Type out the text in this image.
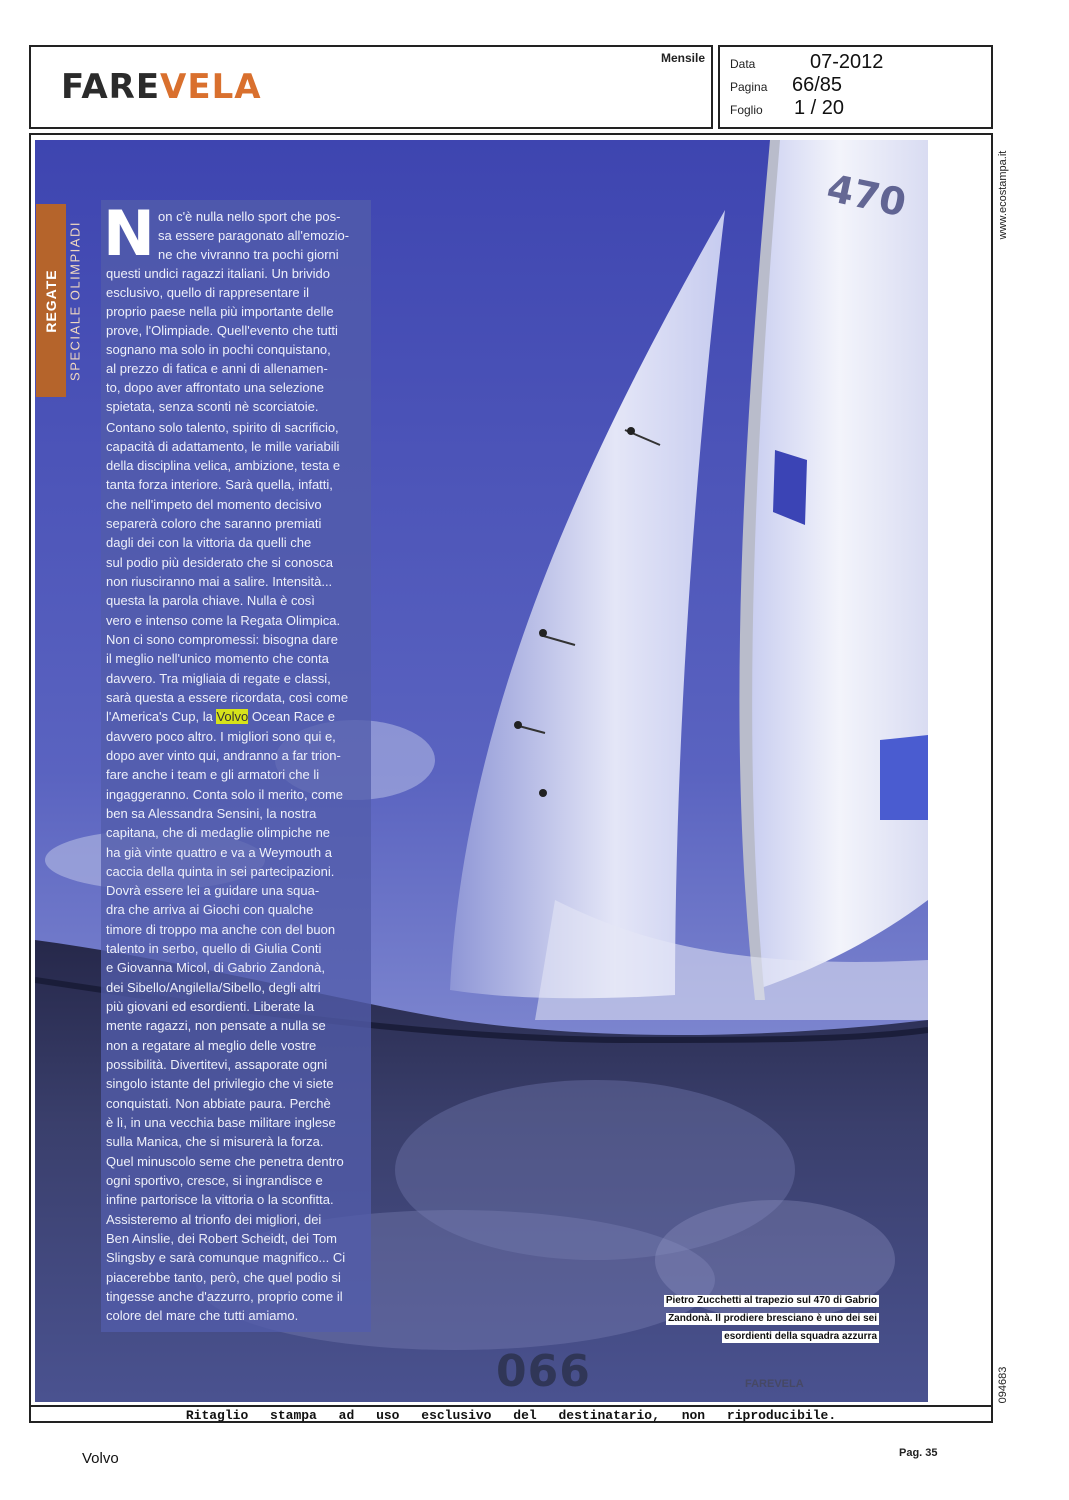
FAREVELA
Mensile Data	07-2012
Pagina 66/85
Foglio 1 / 20
www.ecostampa.it
094683
470
REGATE SPECIALE OLIMPIADI N on c'è nulla nello sport che pos-
sa essere paragonato all'emozio-
ne che vivranno tra pochi giorni
questi undici ragazzi italiani. Un brivido
esclusivo, quello di rappresentare il
proprio paese nella più importante delle
prove, l'Olimpiade. Quell'evento che tutti
sognano ma solo in pochi conquistano,
al prezzo di fatica e anni di allenamen-
to, dopo aver affrontato una selezione
spietata, senza sconti nè scorciatoie.
Contano solo talento, spirito di sacrificio,
capacità di adattamento, le mille variabili
della disciplina velica, ambizione, testa e
tanta forza interiore. Sarà quella, infatti,
che nell'impeto del momento decisivo
separerà coloro che saranno premiati
dagli dei con la vittoria da quelli che
sul podio più desiderato che si conosca
non riusciranno mai a salire. Intensità...
questa la parola chiave. Nulla è così
vero e intenso come la Regata Olimpica.
Non ci sono compromessi: bisogna dare
il meglio nell'unico momento che conta
davvero. Tra migliaia di regate e classi,
sarà questa a essere ricordata, così come
l'America's Cup, la Volvo Ocean Race e
davvero poco altro. I migliori sono qui e,
dopo aver vinto qui, andranno a far trion-
fare anche i team e gli armatori che li
ingaggeranno. Conta solo il merito, come
ben sa Alessandra Sensini, la nostra
capitana, che di medaglie olimpiche ne
ha già vinte quattro e va a Weymouth a
caccia della quinta in sei partecipazioni.
Dovrà essere lei a guidare una squa-
dra che arriva ai Giochi con qualche
timore di troppo ma anche con del buon
talento in serbo, quello di Giulia Conti
e Giovanna Micol, di Gabrio Zandonà,
dei Sibello/Angilella/Sibello, degli altri
più giovani ed esordienti. Liberate la
mente ragazzi, non pensate a nulla se
non a regatare al meglio delle vostre
possibilità. Divertitevi, assaporate ogni
singolo istante del privilegio che vi siete
conquistati. Non abbiate paura. Perchè
è lì, in una vecchia base militare inglese
sulla Manica, che si misurerà la forza.
Quel minuscolo seme che penetra dentro
ogni sportivo, cresce, si ingrandisce e
infine partorisce la vittoria o la sconfitta.
Assisteremo al trionfo dei migliori, dei
Ben Ainslie, dei Robert Scheidt, dei Tom
Slingsby e sarà comunque magnifico... Ci
piacerebbe tanto, però, che quel podio si
tingesse anche d'azzurro, proprio come il
colore del mare che tutti amiamo.
Pietro Zucchetti al trapezio sul 470 di Gabrio
Zandonà. Il prodiere bresciano è uno dei sei
esordienti della squadra azzurra
066	FAREVELA
Ritaglio stampa ad uso esclusivo del destinatario, non riproducibile.
Volvo	Pag. 35
